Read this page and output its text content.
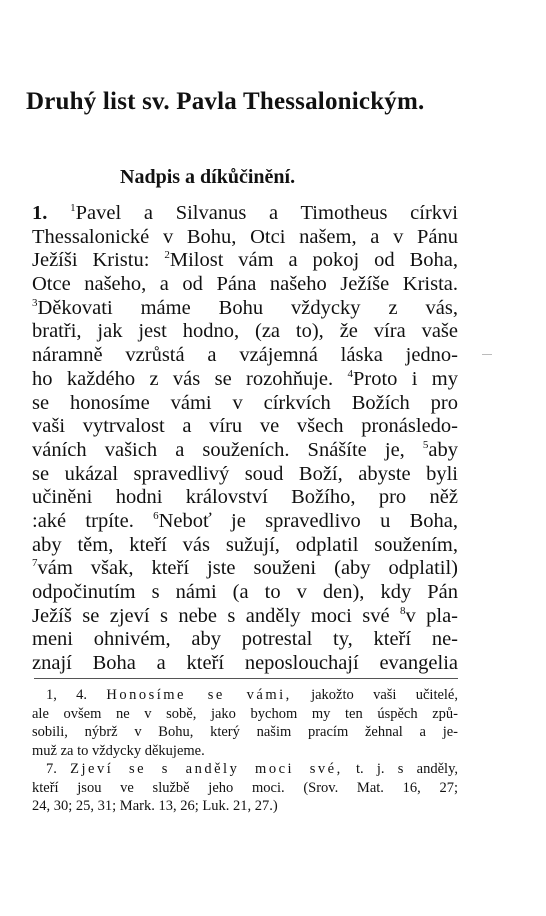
Druhý list sv. Pavla Thessalonickým.
Nadpis a díkůčinění.
1. $^1$Pavel a Silvanus a Timotheus církvi
Thessalonické v Bohu, Otci našem, a v Pánu
Ježíši Kristu: $^2$Milost vám a pokoj od Boha,
Otce našeho, a od Pána našeho Ježíše Krista.
$^3$Děkovati máme Bohu vždycky z vás,
bratři, jak jest hodno, (za to), že víra vaše
náramně vzrůstá a vzájemná láska jedno-
ho každého z vás se rozohňuje. $^4$Proto i my
se honosíme vámi v církvích Božích pro
vaši vytrvalost a víru ve všech pronásledo-
váních vašich a souženích. Snášíte je, $^5$aby
se ukázal spravedlivý soud Boží, abyste byli
učiněni hodni království Božího, pro něž
:aké trpíte. $^6$Neboť je spravedlivo u Boha,
aby těm, kteří vás sužují, odplatil soužením,
$^7$vám však, kteří jste souženi (aby odplatil)
odpočinutím s námi (a to v den), kdy Pán
Ježíš se zjeví s nebe s anděly moci své $^8$v pla-
meni ohnivém, aby potrestal ty, kteří ne-
znají Boha a kteří neposlouchají evangelia
1, 4. Honosíme se vámi, jakožto vaši učitelé,
ale ovšem ne v sobě, jako bychom my ten úspěch způ-
sobili, nýbrž v Bohu, který našim pracím žehnal a je-
muž za to vždycky děkujeme.
7. Zjeví se s anděly moci své, t. j. s anděly,
kteří jsou ve službě jeho moci. (Srov. Mat. 16, 27;
24, 30; 25, 31; Mark. 13, 26; Luk. 21, 27.)
